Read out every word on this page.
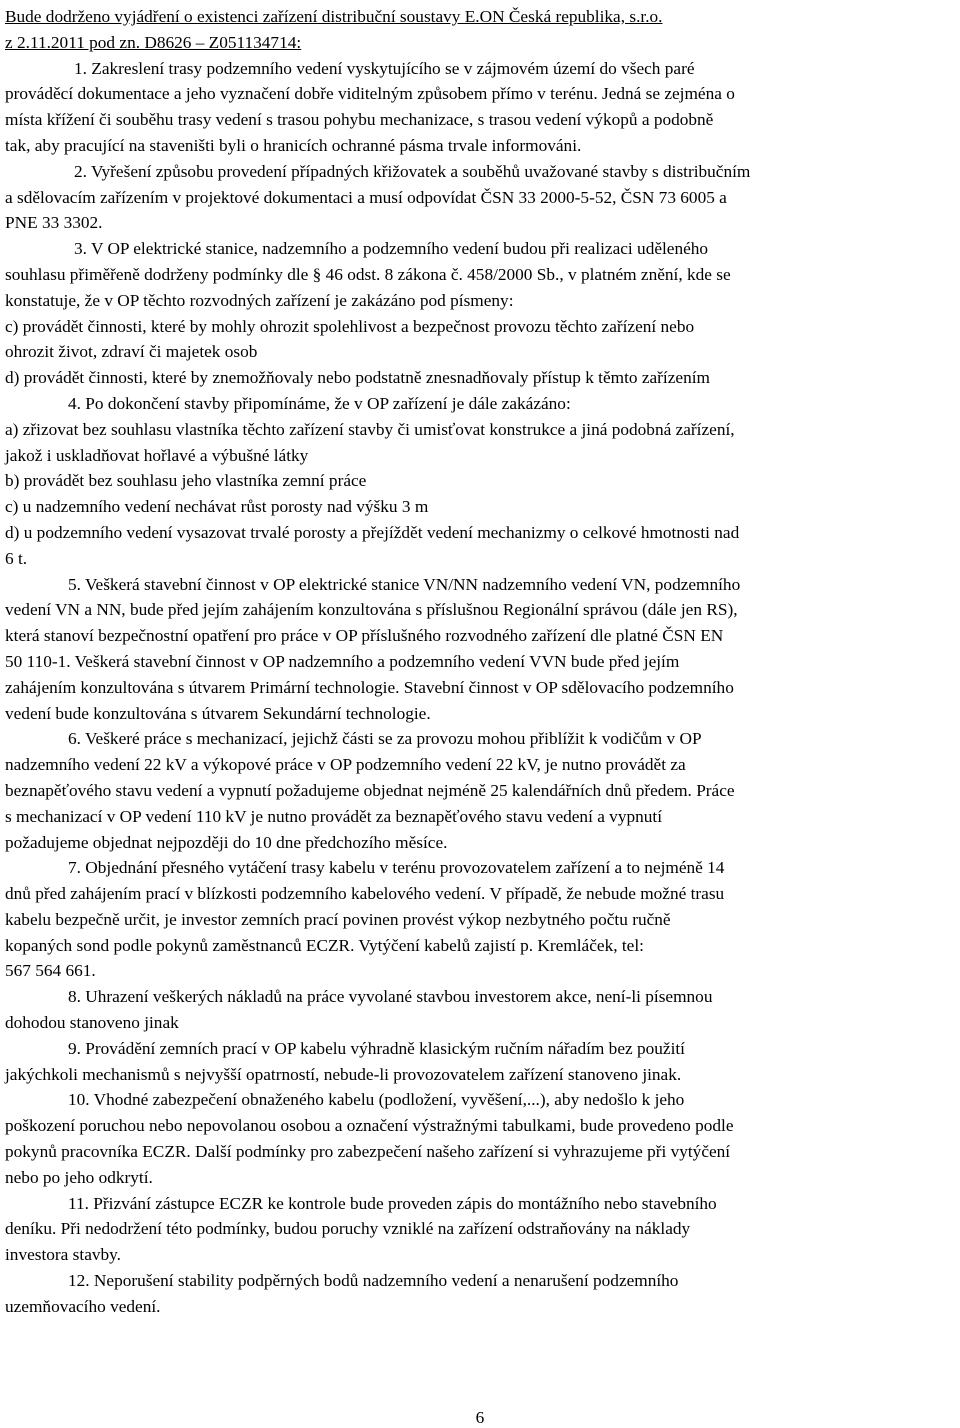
Bude dodrženo vyjádření o existenci zařízení distribuční soustavy E.ON Česká republika, s.r.o.
z 2.11.2011 pod zn. D8626 – Z051134714:
1. Zakreslení trasy podzemního vedení vyskytujícího se v zájmovém území do všech paré
prováděcí dokumentace a jeho vyznačení dobře viditelným způsobem přímo v terénu. Jedná se zejména o
místa křížení či souběhu trasy vedení s trasou pohybu mechanizace, s trasou vedení výkopů a podobně
tak, aby pracující na staveništi byli o hranicích ochranné pásma trvale informováni.
2. Vyřešení způsobu provedení případných křižovatek a souběhů uvažované stavby s distribučním
a sdělovacím zařízením v projektové dokumentaci a musí odpovídat ČSN 33 2000-5-52, ČSN 73 6005 a
PNE 33 3302.
3. V OP elektrické stanice, nadzemního a podzemního vedení budou při realizaci uděleného
souhlasu přiměřeně dodrženy podmínky dle § 46 odst. 8 zákona č. 458/2000 Sb., v platném znění, kde se
konstatuje, že v OP těchto rozvodných zařízení je zakázáno pod písmeny:
c) provádět činnosti, které by mohly ohrozit spolehlivost a bezpečnost provozu těchto zařízení nebo
ohrozit život, zdraví či majetek osob
d) provádět činnosti, které by znemožňovaly nebo podstatně znesnadňovaly přístup k těmto zařízením
4. Po dokončení stavby připomínáme, že v OP zařízení je dále zakázáno:
a) zřizovat bez souhlasu vlastníka těchto zařízení stavby či umisťovat konstrukce a jiná podobná zařízení,
jakož i uskladňovat hořlavé a výbušné látky
b) provádět bez souhlasu jeho vlastníka zemní práce
c) u nadzemního vedení nechávat růst porosty nad výšku 3 m
d) u podzemního vedení vysazovat trvalé porosty a přejíždět vedení mechanizmy o celkové hmotnosti nad
6 t.
5. Veškerá stavební činnost v OP elektrické stanice VN/NN nadzemního vedení VN, podzemního
vedení VN a NN, bude před jejím zahájením konzultována s příslušnou Regionální správou (dále jen RS),
která stanoví bezpečnostní opatření pro práce v OP příslušného rozvodného zařízení dle platné ČSN EN
50 110-1. Veškerá stavební činnost v OP nadzemního a podzemního vedení VVN bude před jejím
zahájením konzultována s útvarem Primární technologie. Stavební činnost v OP sdělovacího podzemního
vedení bude konzultována s útvarem Sekundární technologie.
6. Veškeré práce s mechanizací, jejichž části se za provozu mohou přiblížit k vodičům v OP
nadzemního vedení 22 kV a výkopové práce v OP podzemního vedení 22 kV, je nutno provádět za
beznapěťového stavu vedení a vypnutí požadujeme objednat nejméně 25 kalendářních dnů předem. Práce
s mechanizací v OP vedení 110 kV je nutno provádět za beznapěťového stavu vedení a vypnutí
požadujeme objednat nejpozději do 10 dne předchozího měsíce.
7. Objednání přesného vytáčení trasy kabelu v terénu provozovatelem zařízení a to nejméně 14
dnů před zahájením prací v blízkosti podzemního kabelového vedení. V případě, že nebude možné trasu
kabelu bezpečně určit, je investor zemních prací povinen provést výkop nezbytného počtu ručně
kopaných sond podle pokynů zaměstnanců ECZR. Vytýčení kabelů zajistí p. Kremláček, tel:
567 564 661.
8. Uhrazení veškerých nákladů na práce vyvolané stavbou investorem akce, není-li písemnou
dohodou stanoveno jinak
9. Provádění zemních prací v OP kabelu výhradně klasickým ručním nářadím bez použití
jakýchkoli mechanismů s nejvyšší opatrností, nebude-li provozovatelem zařízení stanoveno jinak.
10. Vhodné zabezpečení obnaženého kabelu (podložení, vyvěšení,...), aby nedošlo k jeho
poškození poruchou nebo nepovolanou osobou a označení výstražnými tabulkami, bude provedeno podle
pokynů pracovníka ECZR. Další podmínky pro zabezpečení našeho zařízení si vyhrazujeme při vytýčení
nebo po jeho odkrytí.
11. Přizvání zástupce ECZR ke kontrole bude proveden zápis do montážního nebo stavebního
deníku. Při nedodržení této podmínky, budou poruchy vzniklé na zařízení odstraňovány na náklady
investora stavby.
12. Neporušení stability podpěrných bodů nadzemního vedení a nenarušení podzemního
uzemňovacího vedení.
6
